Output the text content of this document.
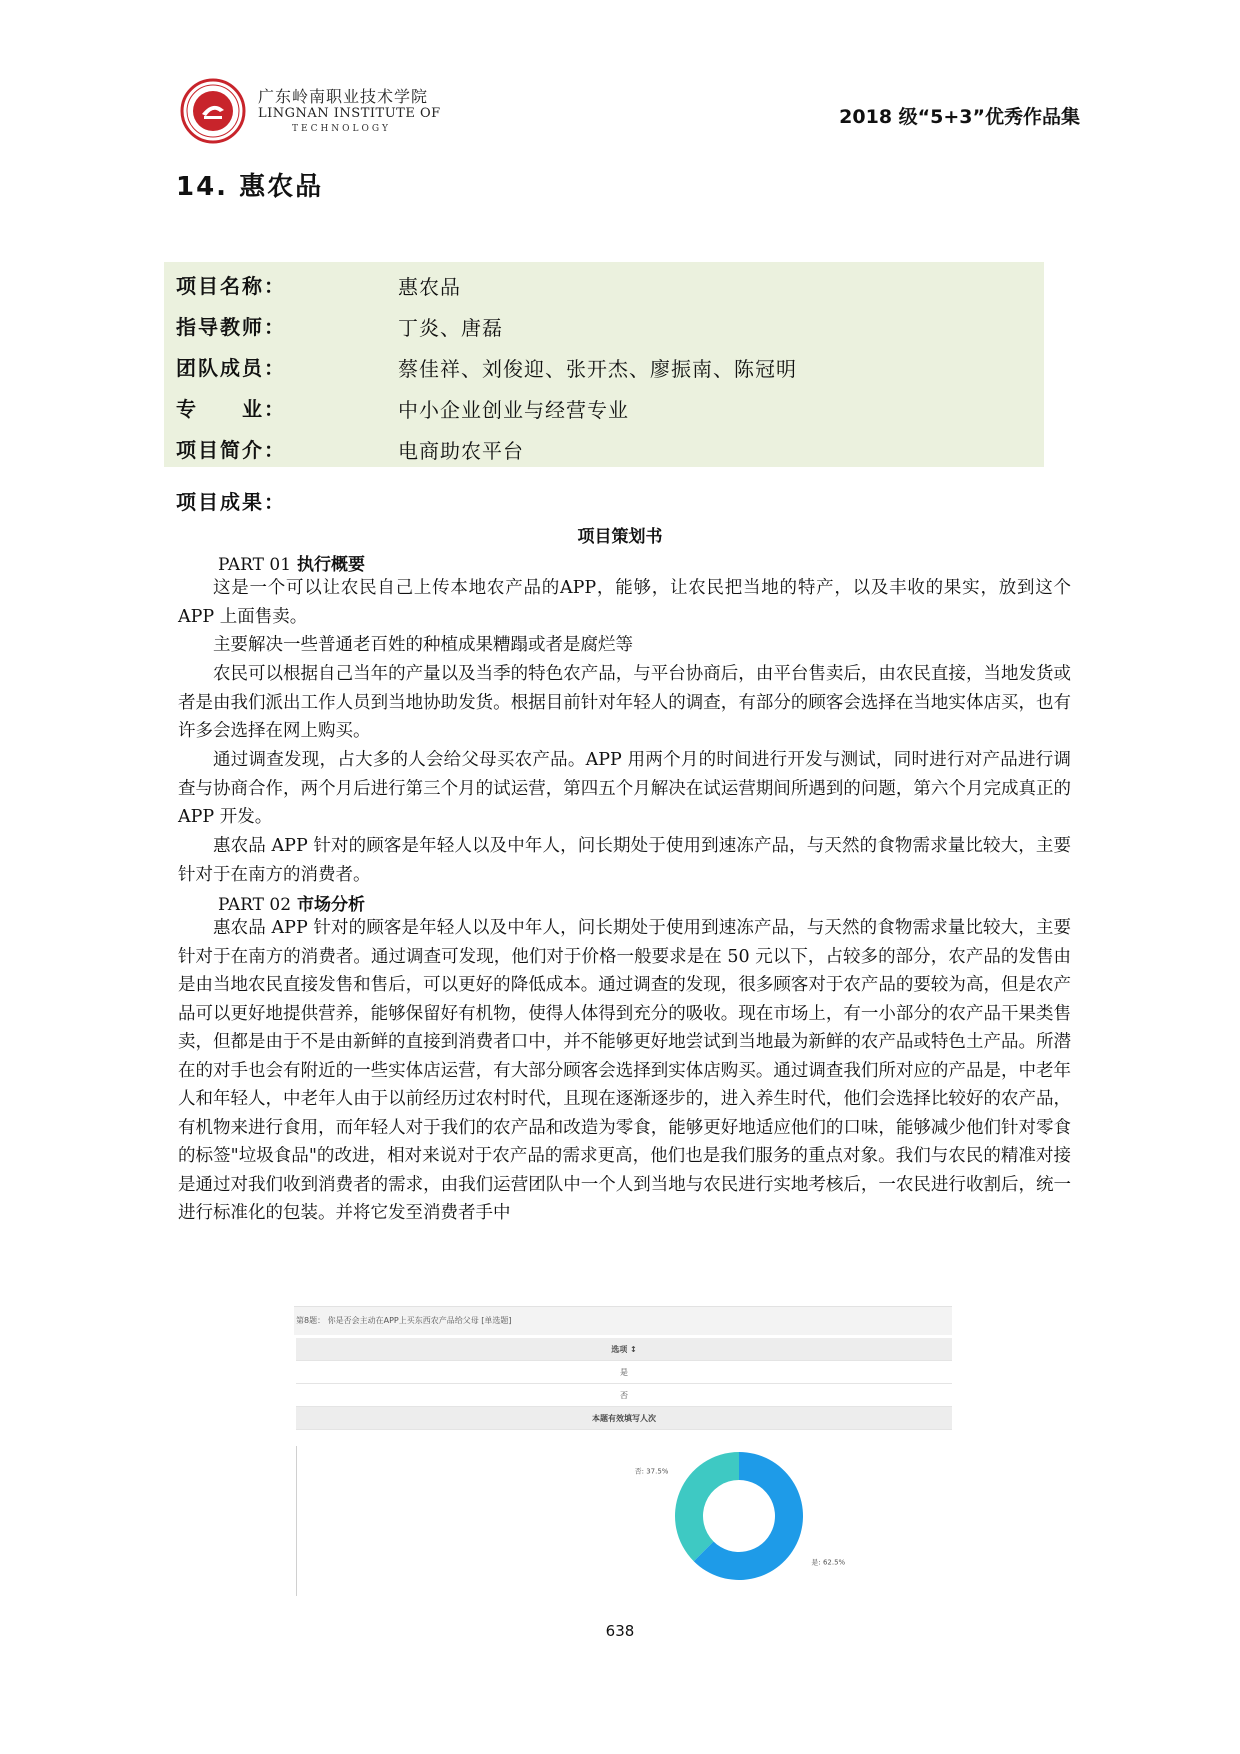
广东岭南职业技术学院
LINGNAN INSTITUTE OF
TECHNOLOGY
2018 级“5+3”优秀作品集
14. 惠农品
项目名称：	惠农品
指导教师：	丁炎、唐磊
团队成员：	蔡佳祥、刘俊迎、张开杰、廖振南、陈冠明
专　　业：	中小企业创业与经营专业
项目简介：	电商助农平台
项目成果：
项目策划书
PART 01 执行概要

这是一个可以让农民自己上传本地农产品的APP，能够，让农民把当地的特产，以及丰收的果实，放到这个 APP 上面售卖。

主要解决一些普通老百姓的种植成果糟蹋或者是腐烂等

农民可以根据自己当年的产量以及当季的特色农产品，与平台协商后，由平台售卖后，由农民直接，当地发货或者是由我们派出工作人员到当地协助发货。根据目前针对年轻人的调查，有部分的顾客会选择在当地实体店买，也有许多会选择在网上购买。

通过调查发现，占大多的人会给父母买农产品。APP 用两个月的时间进行开发与测试，同时进行对产品进行调查与协商合作，两个月后进行第三个月的试运营，第四五个月解决在试运营期间所遇到的问题，第六个月完成真正的 APP 开发。

惠农品 APP 针对的顾客是年轻人以及中年人，问长期处于使用到速冻产品，与天然的食物需求量比较大，主要针对于在南方的消费者。

PART 02 市场分析

惠农品 APP 针对的顾客是年轻人以及中年人，问长期处于使用到速冻产品，与天然的食物需求量比较大，主要针对于在南方的消费者。通过调查可发现，他们对于价格一般要求是在 50 元以下，占较多的部分，农产品的发售由是由当地农民直接发售和售后，可以更好的降低成本。通过调查的发现，很多顾客对于农产品的要较为高，但是农产品可以更好地提供营养，能够保留好有机物，使得人体得到充分的吸收。现在市场上，有一小部分的农产品干果类售卖，但都是由于不是由新鲜的直接到消费者口中，并不能够更好地尝试到当地最为新鲜的农产品或特色土产品。所潜在的对手也会有附近的一些实体店运营，有大部分顾客会选择到实体店购买。通过调查我们所对应的产品是，中老年人和年轻人，中老年人由于以前经历过农村时代，且现在逐渐逐步的，进入养生时代，他们会选择比较好的农产品，有机物来进行食用，而年轻人对于我们的农产品和改造为零食，能够更好地适应他们的口味，能够减少他们针对零食的标签"垃圾食品"的改进，相对来说对于农产品的需求更高，他们也是我们服务的重点对象。我们与农民的精准对接是通过对我们收到消费者的需求，由我们运营团队中一个人到当地与农民进行实地考核后，一农民进行收割后，统一进行标准化的包装。并将它发至消费者手中

第8题： 你是否会主动在APP上买东西农产品给父母 [单选题]
选项 ↕
是
否
本题有效填写人次
否: 37.5%
是: 62.5%
638
